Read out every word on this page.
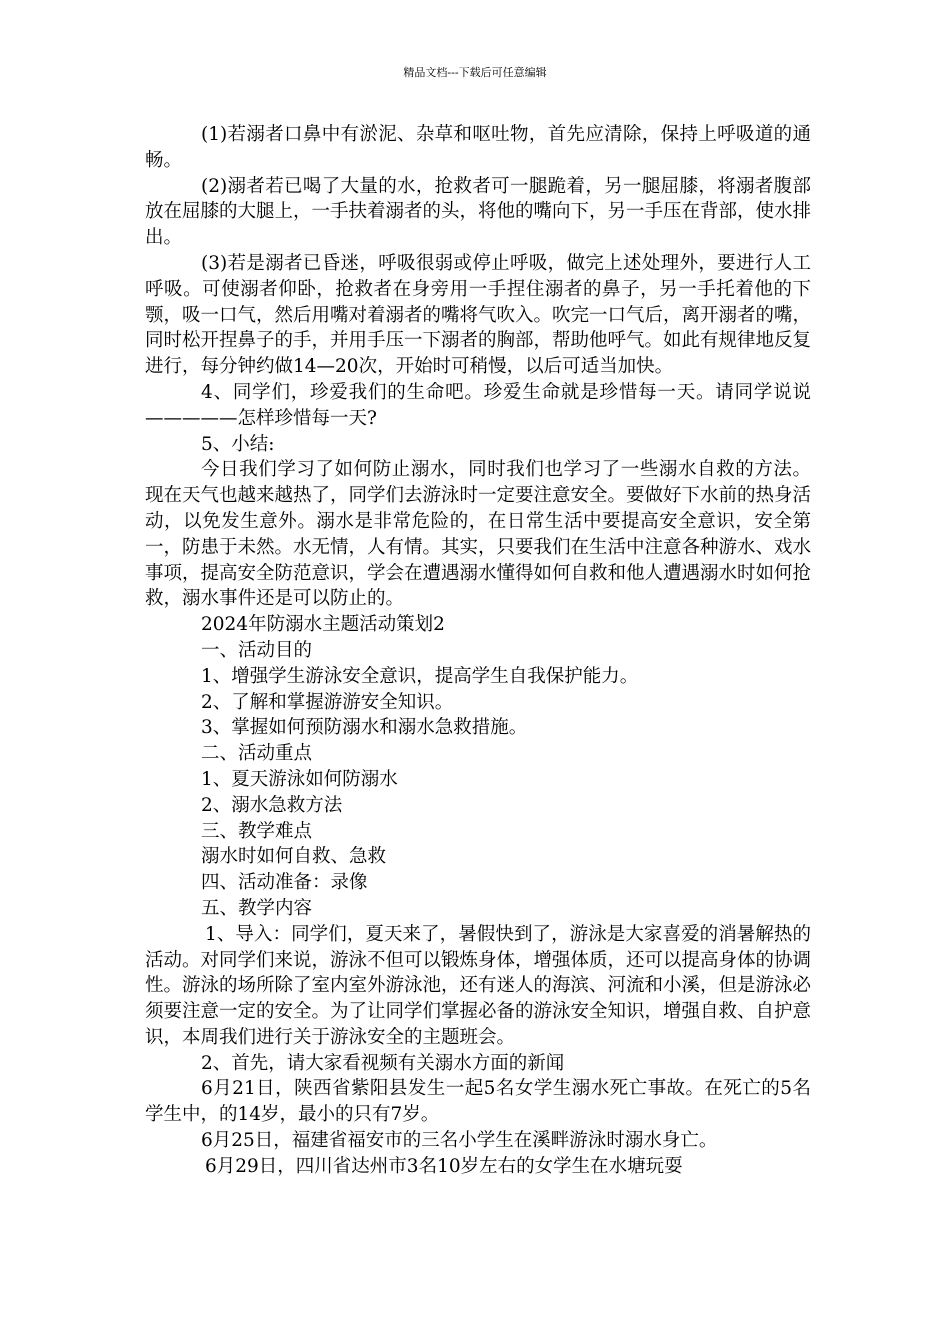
精品文档---下载后可任意编辑

(1)若溺者口鼻中有淤泥、杂草和呕吐物，首先应清除，保持上呼吸道的通畅。

(2)溺者若已喝了大量的水，抢救者可一腿跪着，另一腿屈膝，将溺者腹部放在屈膝的大腿上，一手扶着溺者的头，将他的嘴向下，另一手压在背部，使水排出。

(3)若是溺者已昏迷，呼吸很弱或停止呼吸，做完上述处理外，要进行人工呼吸。可使溺者仰卧，抢救者在身旁用一手捏住溺者的鼻子，另一手托着他的下颚，吸一口气，然后用嘴对着溺者的嘴将气吹入。吹完一口气后，离开溺者的嘴，同时松开捏鼻子的手，并用手压一下溺者的胸部，帮助他呼气。如此有规律地反复进行，每分钟约做14—20次，开始时可稍慢，以后可适当加快。

4、同学们，珍爱我们的生命吧。珍爱生命就是珍惜每一天。请同学说说—————怎样珍惜每一天?

5、小结:

今日我们学习了如何防止溺水，同时我们也学习了一些溺水自救的方法。现在天气也越来越热了，同学们去游泳时一定要注意安全。要做好下水前的热身活动，以免发生意外。溺水是非常危险的，在日常生活中要提高安全意识，安全第一，防患于未然。水无情，人有情。其实，只要我们在生活中注意各种游水、戏水事项，提高安全防范意识，学会在遭遇溺水懂得如何自救和他人遭遇溺水时如何抢救，溺水事件还是可以防止的。

2024年防溺水主题活动策划2

一、活动目的

1、增强学生游泳安全意识，提高学生自我保护能力。

2、了解和掌握游游安全知识。

3、掌握如何预防溺水和溺水急救措施。

二、活动重点

1、夏天游泳如何防溺水

2、溺水急救方法

三、教学难点

溺水时如何自救、急救

四、活动准备：录像

五、教学内容

1、导入：同学们，夏天来了，暑假快到了，游泳是大家喜爱的消暑解热的活动。对同学们来说，游泳不但可以锻炼身体，增强体质，还可以提高身体的协调性。游泳的场所除了室内室外游泳池，还有迷人的海滨、河流和小溪，但是游泳必须要注意一定的安全。为了让同学们掌握必备的游泳安全知识，增强自救、自护意识，本周我们进行关于游泳安全的主题班会。

2、首先，请大家看视频有关溺水方面的新闻

6月21日，陕西省紫阳县发生一起5名女学生溺水死亡事故。在死亡的5名学生中，的14岁，最小的只有7岁。

6月25日，福建省福安市的三名小学生在溪畔游泳时溺水身亡。

6月29日，四川省达州市3名10岁左右的女学生在水塘玩耍
